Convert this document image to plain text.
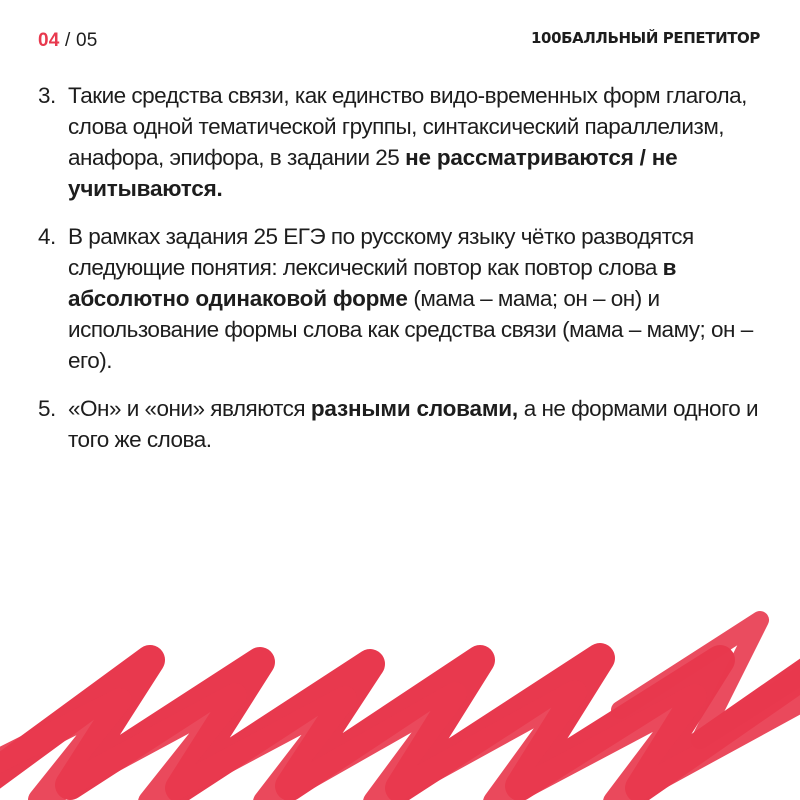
04 / 05	100БАЛЛЬНЫЙ РЕПЕТИТОР
3. Такие средства связи, как единство видо-временных форм глагола, слова одной тематической группы, синтаксический параллелизм, анафора, эпифора, в задании 25 не рассматриваются / не учитываются.
4. В рамках задания 25 ЕГЭ по русскому языку чётко разводятся следующие понятия: лексический повтор как повтор слова в абсолютно одинаковой форме (мама – мама; он – он) и использование формы слова как средства связи (мама – маму; он – его).
5. «Он» и «они» являются разными словами, а не формами одного и того же слова.
